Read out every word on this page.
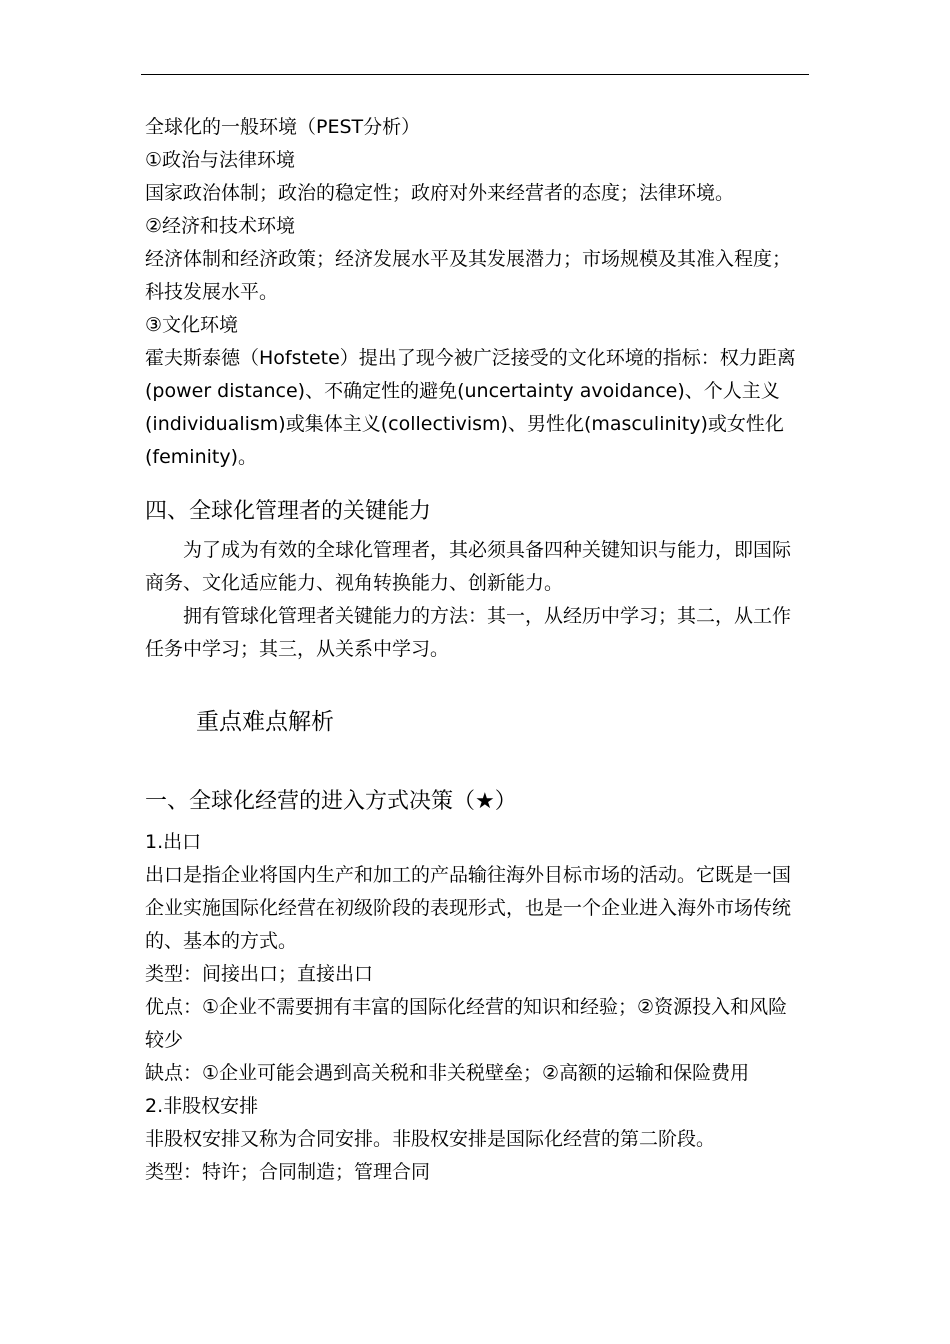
全球化的一般环境（PEST分析）
①政治与法律环境
国家政治体制；政治的稳定性；政府对外来经营者的态度；法律环境。
②经济和技术环境
经济体制和经济政策；经济发展水平及其发展潜力；市场规模及其准入程度；
科技发展水平。
③文化环境
霍夫斯泰德（Hofstete）提出了现今被广泛接受的文化环境的指标：权力距离
(power distance)、不确定性的避免(uncertainty avoidance)、个人主义
(individualism)或集体主义(collectivism)、男性化(masculinity)或女性化
(feminity)。
四、全球化管理者的关键能力
为了成为有效的全球化管理者，其必须具备四种关键知识与能力，即国际
商务、文化适应能力、视角转换能力、创新能力。
拥有管球化管理者关键能力的方法：其一，从经历中学习；其二，从工作
任务中学习；其三，从关系中学习。
重点难点解析
一、全球化经营的进入方式决策（★）
1.出口
出口是指企业将国内生产和加工的产品输往海外目标市场的活动。它既是一国
企业实施国际化经营在初级阶段的表现形式，也是一个企业进入海外市场传统
的、基本的方式。
类型：间接出口；直接出口
优点：①企业不需要拥有丰富的国际化经营的知识和经验；②资源投入和风险
较少
缺点：①企业可能会遇到高关税和非关税壁垒；②高额的运输和保险费用
2.非股权安排
非股权安排又称为合同安排。非股权安排是国际化经营的第二阶段。
类型：特许；合同制造；管理合同
